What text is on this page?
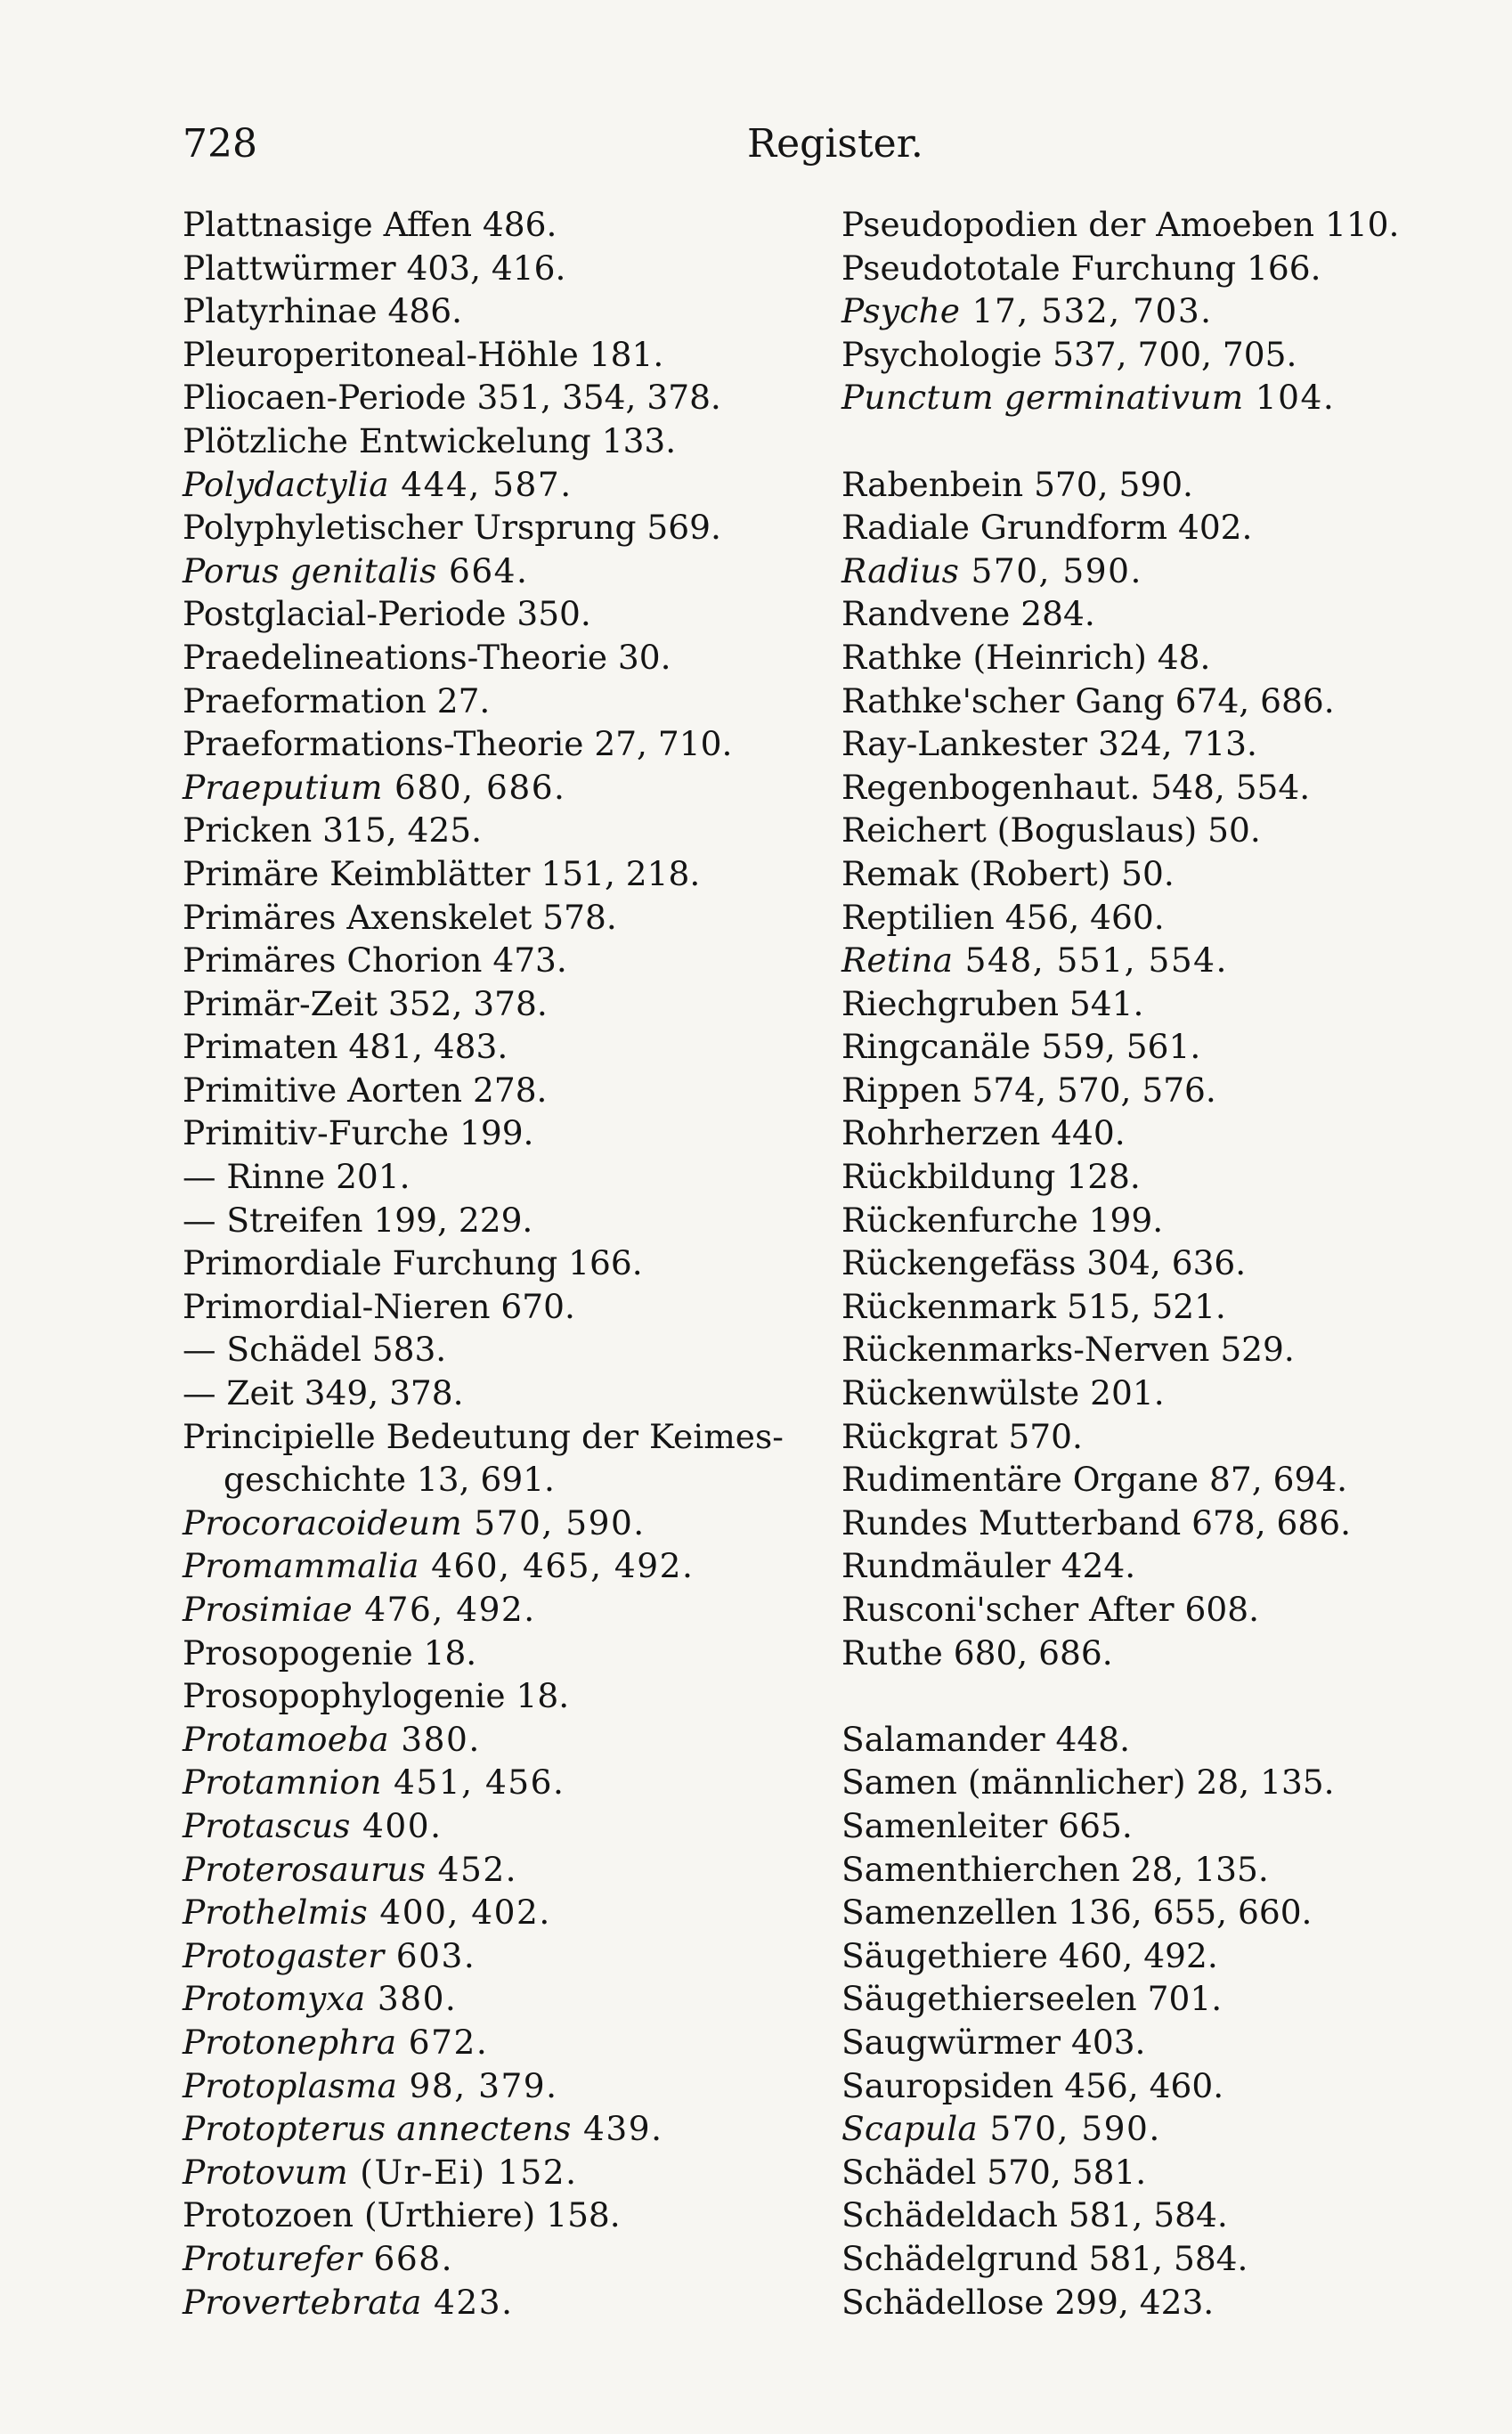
728	Register.
Plattnasige Affen 486.
Plattwürmer 403, 416.
Platyrhinae 486.
Pleuroperitoneal-Höhle 181.
Pliocaen-Periode 351, 354, 378.
Plötzliche Entwickelung 133.
Polydactylia 444, 587.
Polyphyletischer Ursprung 569.
Porus genitalis 664.
Postglacial-Periode 350.
Praedelineations-Theorie 30.
Praeformation 27.
Praeformations-Theorie 27, 710.
Praeputium 680, 686.
Pricken 315, 425.
Primäre Keimblätter 151, 218.
Primäres Axenskelet 578.
Primäres Chorion 473.
Primär-Zeit 352, 378.
Primaten 481, 483.
Primitive Aorten 278.
Primitiv-Furche 199.
— Rinne 201.
— Streifen 199, 229.
Primordiale Furchung 166.
Primordial-Nieren 670.
— Schädel 583.
— Zeit 349, 378.
Principielle Bedeutung der Keimes-
geschichte 13, 691.
Procoracoideum 570, 590.
Promammalia 460, 465, 492.
Prosimiae 476, 492.
Prosopogenie 18.
Prosopophylogenie 18.
Protamoeba 380.
Protamnion 451, 456.
Protascus 400.
Proterosaurus 452.
Prothelmis 400, 402.
Protogaster 603.
Protomyxa 380.
Protonephra 672.
Protoplasma 98, 379.
Protopterus annectens 439.
Protovum (Ur-Ei) 152.
Protozoen (Urthiere) 158.
Proturefer 668.
Provertebrata 423.
Pseudopodien der Amoeben 110.
Pseudototale Furchung 166.
Psyche 17, 532, 703.
Psychologie 537, 700, 705.
Punctum germinativum 104.
Rabenbein 570, 590.
Radiale Grundform 402.
Radius 570, 590.
Randvene 284.
Rathke (Heinrich) 48.
Rathke'scher Gang 674, 686.
Ray-Lankester 324, 713.
Regenbogenhaut. 548, 554.
Reichert (Boguslaus) 50.
Remak (Robert) 50.
Reptilien 456, 460.
Retina 548, 551, 554.
Riechgruben 541.
Ringcanäle 559, 561.
Rippen 574, 570, 576.
Rohrherzen 440.
Rückbildung 128.
Rückenfurche 199.
Rückengefäss 304, 636.
Rückenmark 515, 521.
Rückenmarks-Nerven 529.
Rückenwülste 201.
Rückgrat 570.
Rudimentäre Organe 87, 694.
Rundes Mutterband 678, 686.
Rundmäuler 424.
Rusconi'scher After 608.
Ruthe 680, 686.
Salamander 448.
Samen (männlicher) 28, 135.
Samenleiter 665.
Samenthierchen 28, 135.
Samenzellen 136, 655, 660.
Säugethiere 460, 492.
Säugethierseelen 701.
Saugwürmer 403.
Sauropsiden 456, 460.
Scapula 570, 590.
Schädel 570, 581.
Schädeldach 581, 584.
Schädelgrund 581, 584.
Schädellose 299, 423.
